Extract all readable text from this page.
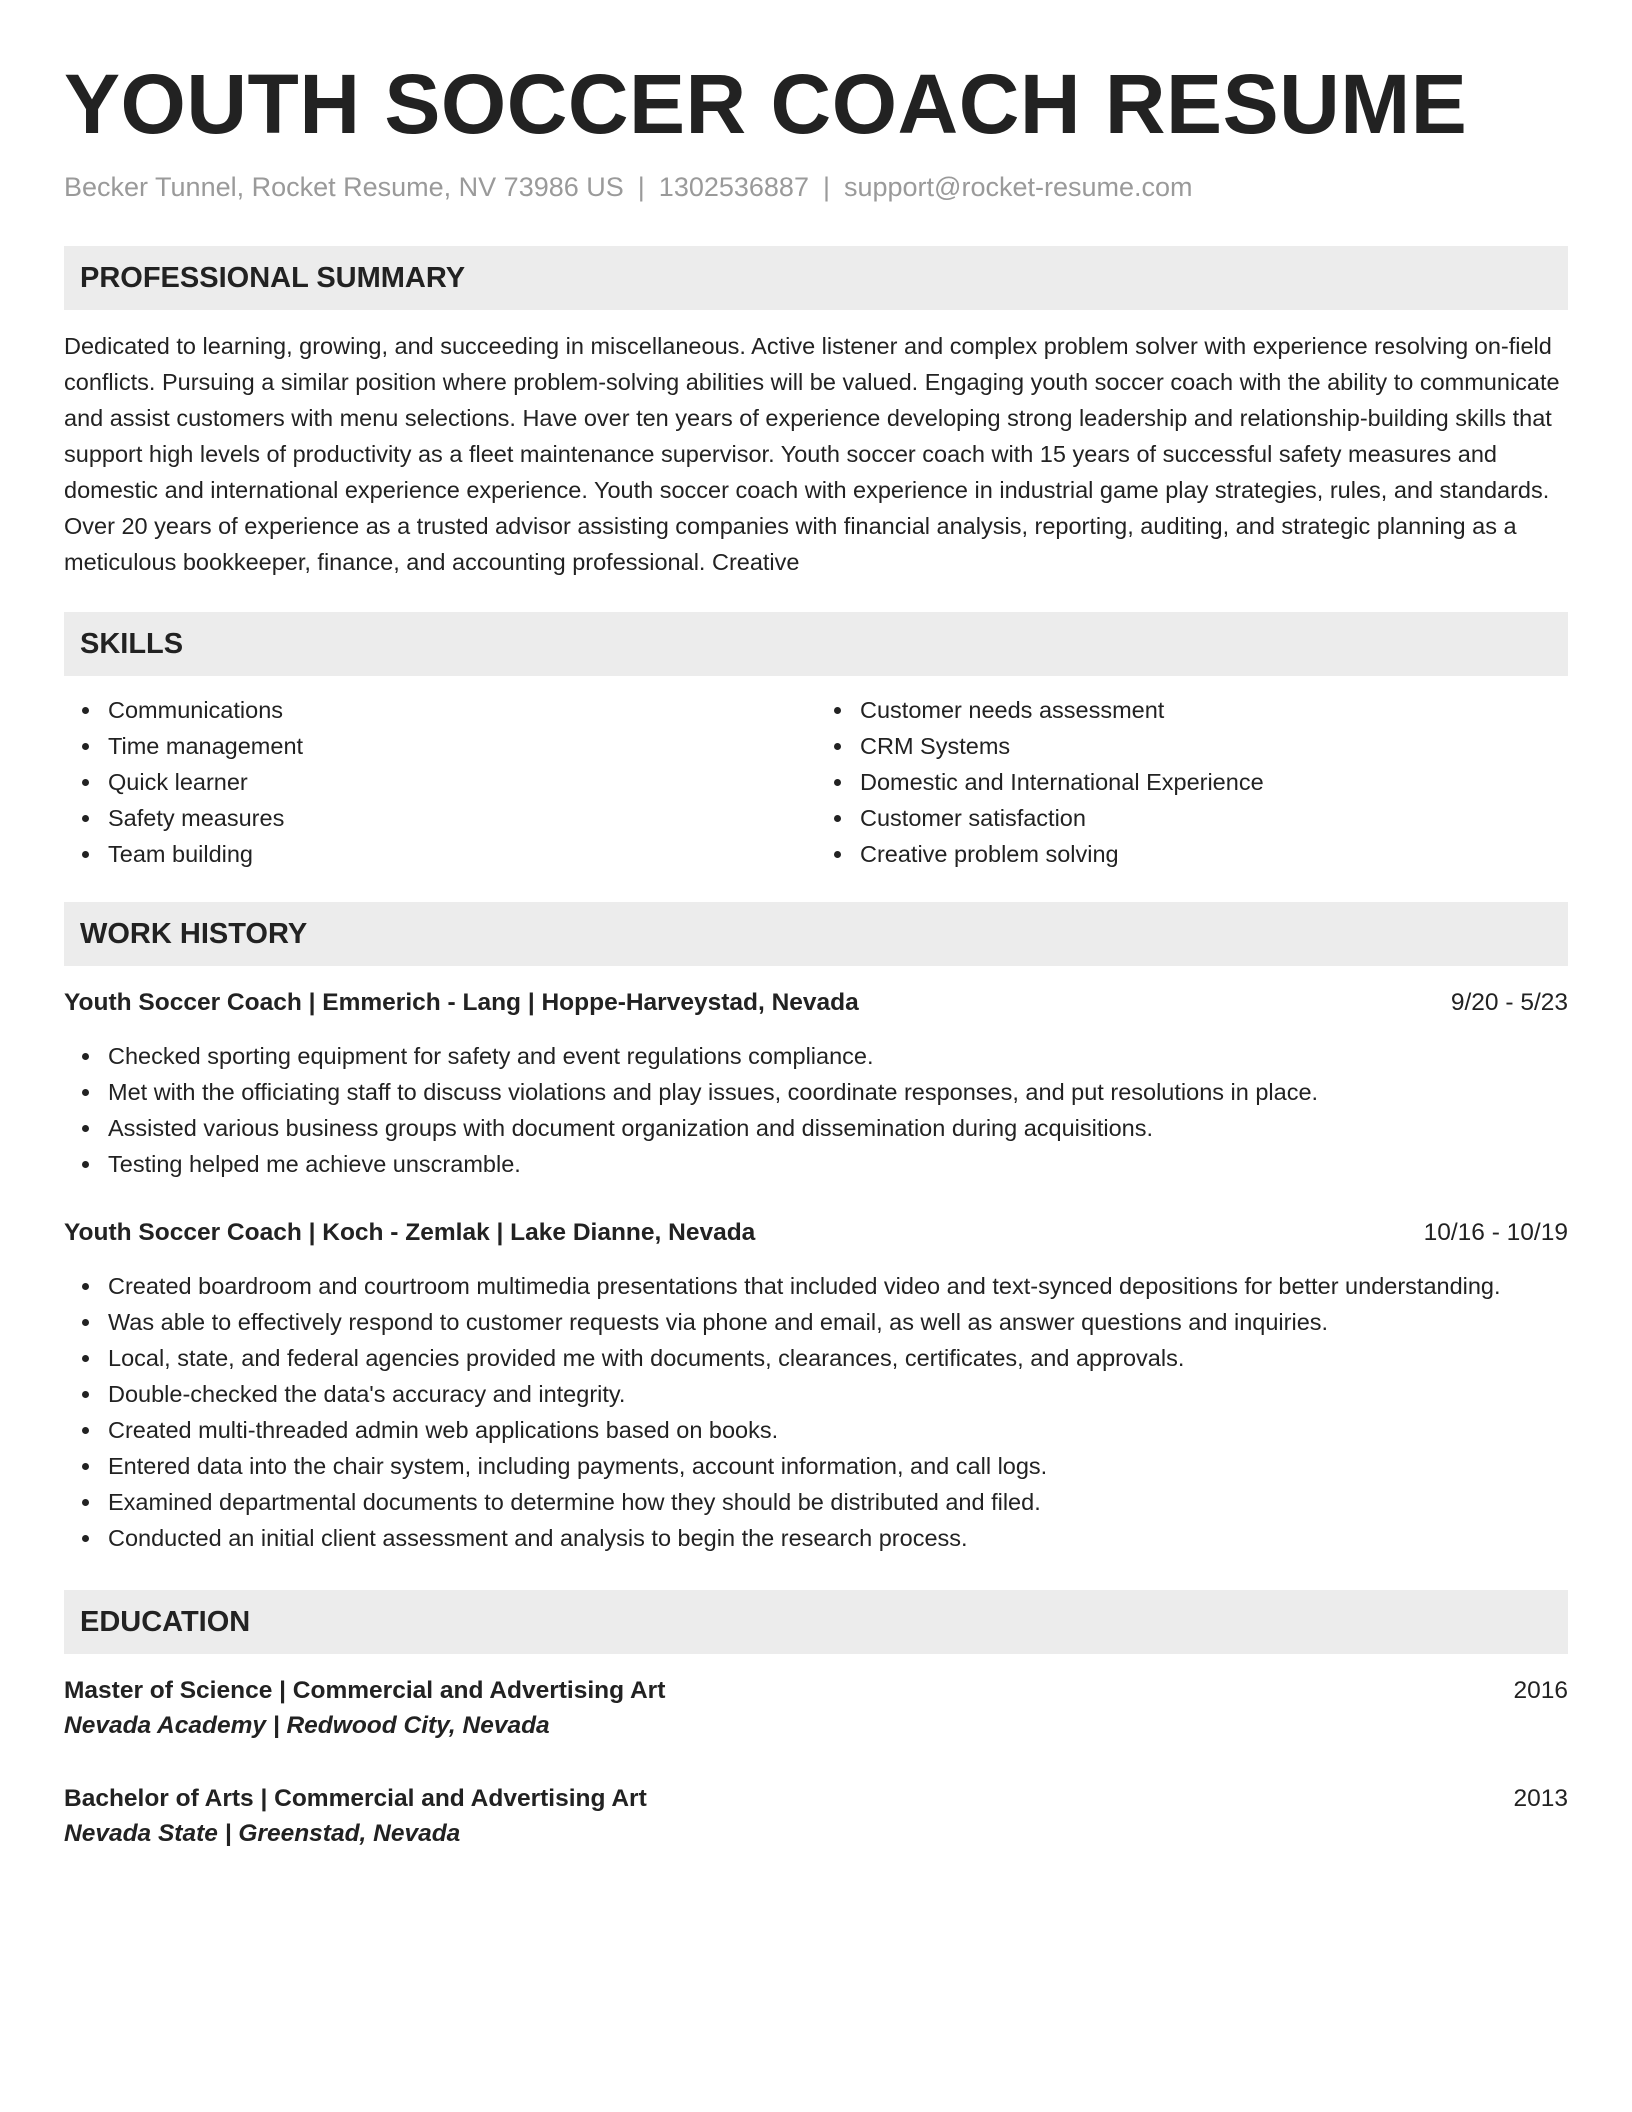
YOUTH SOCCER COACH RESUME
Becker Tunnel, Rocket Resume, NV 73986 US | 1302536887 | support@rocket-resume.com
PROFESSIONAL SUMMARY

Dedicated to learning, growing, and succeeding in miscellaneous. Active listener and complex problem solver with experience resolving on-field conflicts. Pursuing a similar position where problem-solving abilities will be valued. Engaging youth soccer coach with the ability to communicate and assist customers with menu selections. Have over ten years of experience developing strong leadership and relationship-building skills that support high levels of productivity as a fleet maintenance supervisor. Youth soccer coach with 15 years of successful safety measures and domestic and international experience experience. Youth soccer coach with experience in industrial game play strategies, rules, and standards. Over 20 years of experience as a trusted advisor assisting companies with financial analysis, reporting, auditing, and strategic planning as a meticulous bookkeeper, finance, and accounting professional. Creative

SKILLS
Communications
Time management
Quick learner
Safety measures
Team building
Customer needs assessment
CRM Systems
Domestic and International Experience
Customer satisfaction
Creative problem solving
WORK HISTORY
Youth Soccer Coach | Emmerich - Lang | Hoppe-Harveystad, Nevada	9/20 - 5/23
Checked sporting equipment for safety and event regulations compliance.
Met with the officiating staff to discuss violations and play issues, coordinate responses, and put resolutions in place.
Assisted various business groups with document organization and dissemination during acquisitions.
Testing helped me achieve unscramble.
Youth Soccer Coach | Koch - Zemlak | Lake Dianne, Nevada	10/16 - 10/19
Created boardroom and courtroom multimedia presentations that included video and text-synced depositions for better understanding.
Was able to effectively respond to customer requests via phone and email, as well as answer questions and inquiries.
Local, state, and federal agencies provided me with documents, clearances, certificates, and approvals.
Double-checked the data's accuracy and integrity.
Created multi-threaded admin web applications based on books.
Entered data into the chair system, including payments, account information, and call logs.
Examined departmental documents to determine how they should be distributed and filed.
Conducted an initial client assessment and analysis to begin the research process.
EDUCATION
Master of Science | Commercial and Advertising Art	2016
Nevada Academy | Redwood City, Nevada
Bachelor of Arts | Commercial and Advertising Art	2013
Nevada State | Greenstad, Nevada
